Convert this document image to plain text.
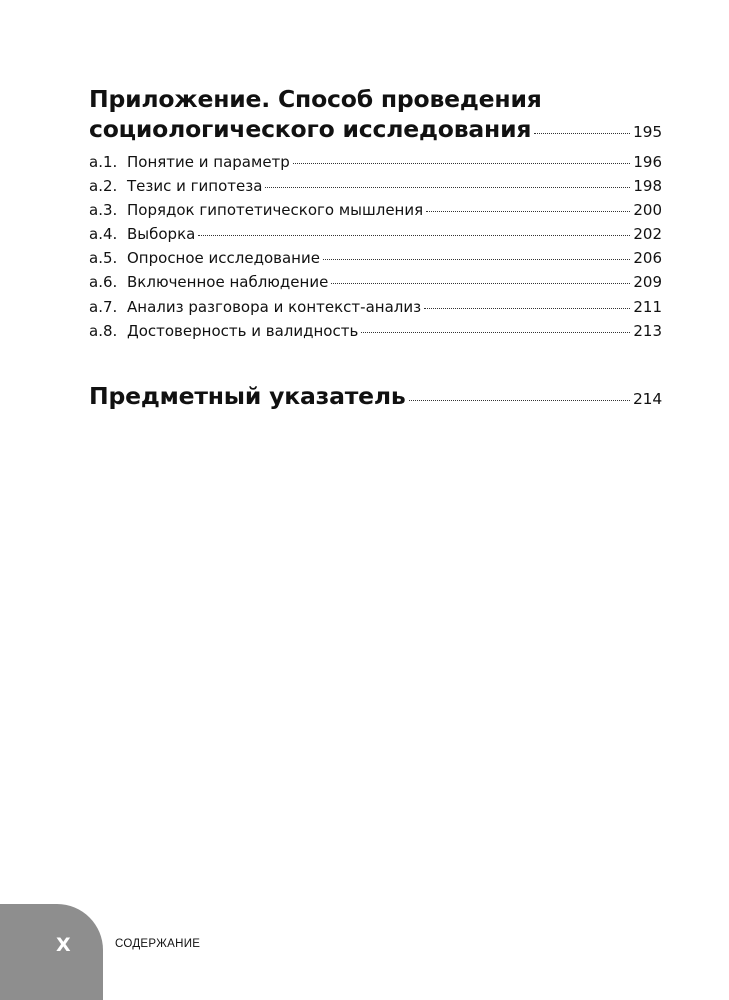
Приложение. Способ проведения
социологического исследования	195
a.1. Понятие и параметр	196
a.2. Тезис и гипотеза	198
a.3. Порядок гипотетического мышления	200
a.4. Выборка	202
a.5. Опросное исследование	206
a.6. Включенное наблюдение	209
a.7. Анализ разговора и контекст-анализ	211
a.8. Достоверность и валидность	213
Предметный указатель	214
X	СОДЕРЖАНИЕ
